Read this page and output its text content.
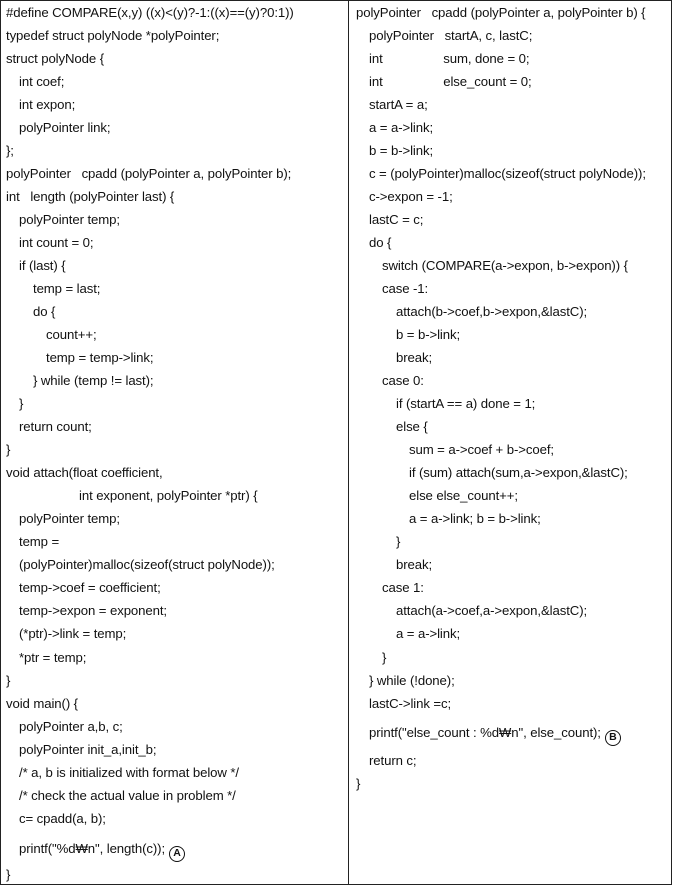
#define COMPARE(x,y) ((x)<(y)?-1:((x)==(y)?0:1))
typedef struct polyNode *polyPointer;
struct polyNode {
int coef;
int expon;
polyPointer link;
};
polyPointer   cpadd (polyPointer a, polyPointer b);
int   length (polyPointer last) {
polyPointer temp;
int count = 0;
if (last) {
temp = last;
do {
count++;
temp = temp->link;
} while (temp != last);
}
return count;
}
void attach(float coefficient,
int exponent, polyPointer *ptr) {
polyPointer temp;
temp =
(polyPointer)malloc(sizeof(struct polyNode));
temp->coef = coefficient;
temp->expon = exponent;
(*ptr)->link = temp;
*ptr = temp;
}
void main() {
polyPointer a,b, c;
polyPointer init_a,init_b;
/* a, b is initialized with format below */
/* check the actual value in problem */
c= cpadd(a, b);
printf("%d₩n", length(c)); A
}
polyPointer   cpadd (polyPointer a, polyPointer b) {
polyPointer   startA, c, lastC;
int                 sum, done = 0;
int                 else_count = 0;
startA = a;
a = a->link;
b = b->link;
c = (polyPointer)malloc(sizeof(struct polyNode));
c->expon = -1;
lastC = c;
do {
switch (COMPARE(a->expon, b->expon)) {
case -1:
attach(b->coef,b->expon,&lastC);
b = b->link;
break;
case 0:
if (startA == a) done = 1;
else {
sum = a->coef + b->coef;
if (sum) attach(sum,a->expon,&lastC);
else else_count++;
a = a->link; b = b->link;
}
break;
case 1:
attach(a->coef,a->expon,&lastC);
a = a->link;
}
} while (!done);
lastC->link =c;
printf("else_count : %d₩n", else_count); B
return c;
}
